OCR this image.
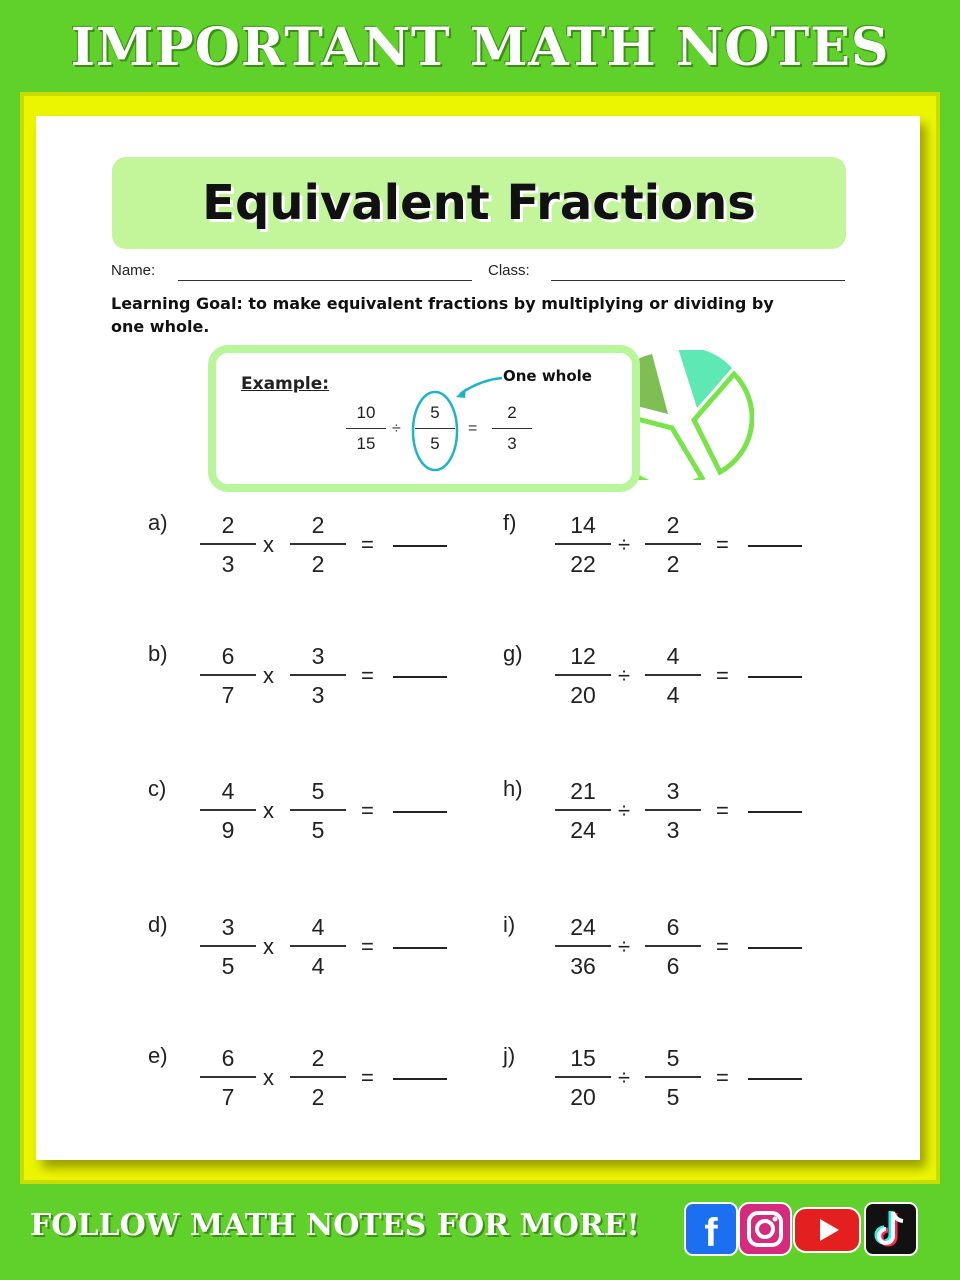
IMPORTANT MATH NOTES
Equivalent Fractions
Name:	Class:
Learning Goal: to make equivalent fractions by multiplying or dividing by one whole.
Example:	One whole
10
15
÷
5
5
=
2
3
a)	2
3
x
2
2
=
b)	6
7
x
3
3
=
c)	4
9
x
5
5
=
d)	3
5
x
4
4
=
e)	6
7
x
2
2
=
f)	14
22
÷
2
2
=
g)	12
20
÷
4
4
=
h)	21
24
÷
3
3
=
i)	24
36
÷
6
6
=
j)	15
20
÷
5
5
=
FOLLOW MATH NOTES FOR MORE! f
